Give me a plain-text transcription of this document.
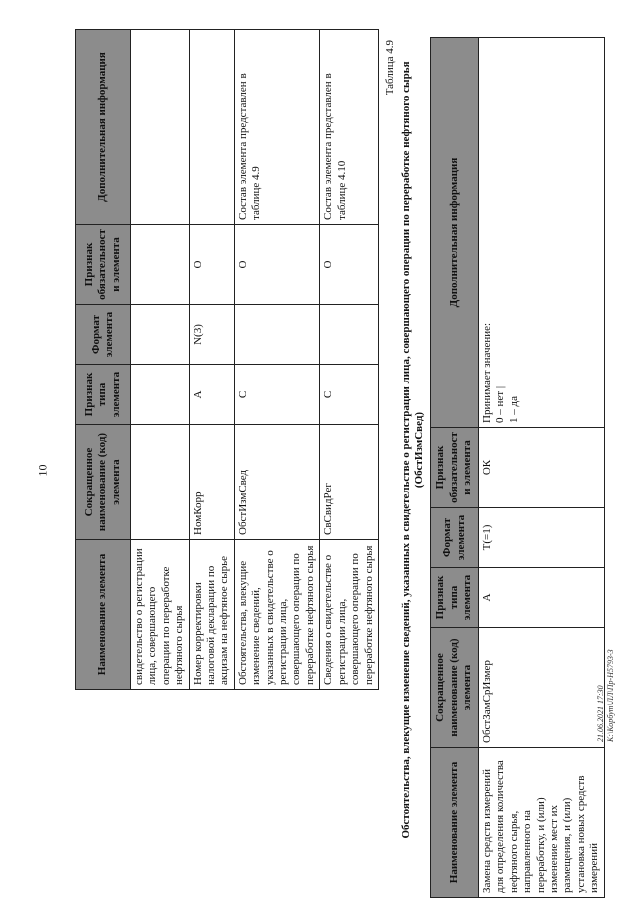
10
Наименование элемента	Сокращенное наименование (код) элемента	Признак типа элемента	Формат элемента	Признак обязательности элемента	Дополнительная информация
свидетельство о регистрации лица, совершающего операции по переработке нефтяного сырья					
Номер корректировки налоговой декларации по акцизам на нефтяное сырье	НомКорр	А	N(3)	О	
Обстоятельства, влекущие изменение сведений, указанных в свидетельстве о регистрации лица, совершающего операции по переработке нефтяного сырья	ОбстИзмСвед	С		О	Состав элемента представлен в таблице 4.9
Сведения о свидетельстве о регистрации лица, совершающего операции по переработке нефтяного сырья	СвСвидРег	С		О	Состав элемента представлен в таблице 4.10
Таблица 4.9 Обстоятельства, влекущие изменение сведений, указанных в свидетельстве о регистрации лица, совершающего операции по переработке нефтяного сырья (ОбстИзмСвед)
Наименование элемента	Сокращенное наименование (код) элемента	Признак типа элемента	Формат элемента	Признак обязательности элемента	Дополнительная информация
Замена средств измерений для определения количества нефтяного сырья, направленного на переработку, и (или) изменение мест их размещения, и (или) установка новых средств измерений	ОбстЗамСрИзмер	А	T(=1)	ОК	Принимает значение: 0 – нет | 1 – да
21.06.2021 17:30 К:\Корбут\ЛЛ\Пр-Н5793-3
